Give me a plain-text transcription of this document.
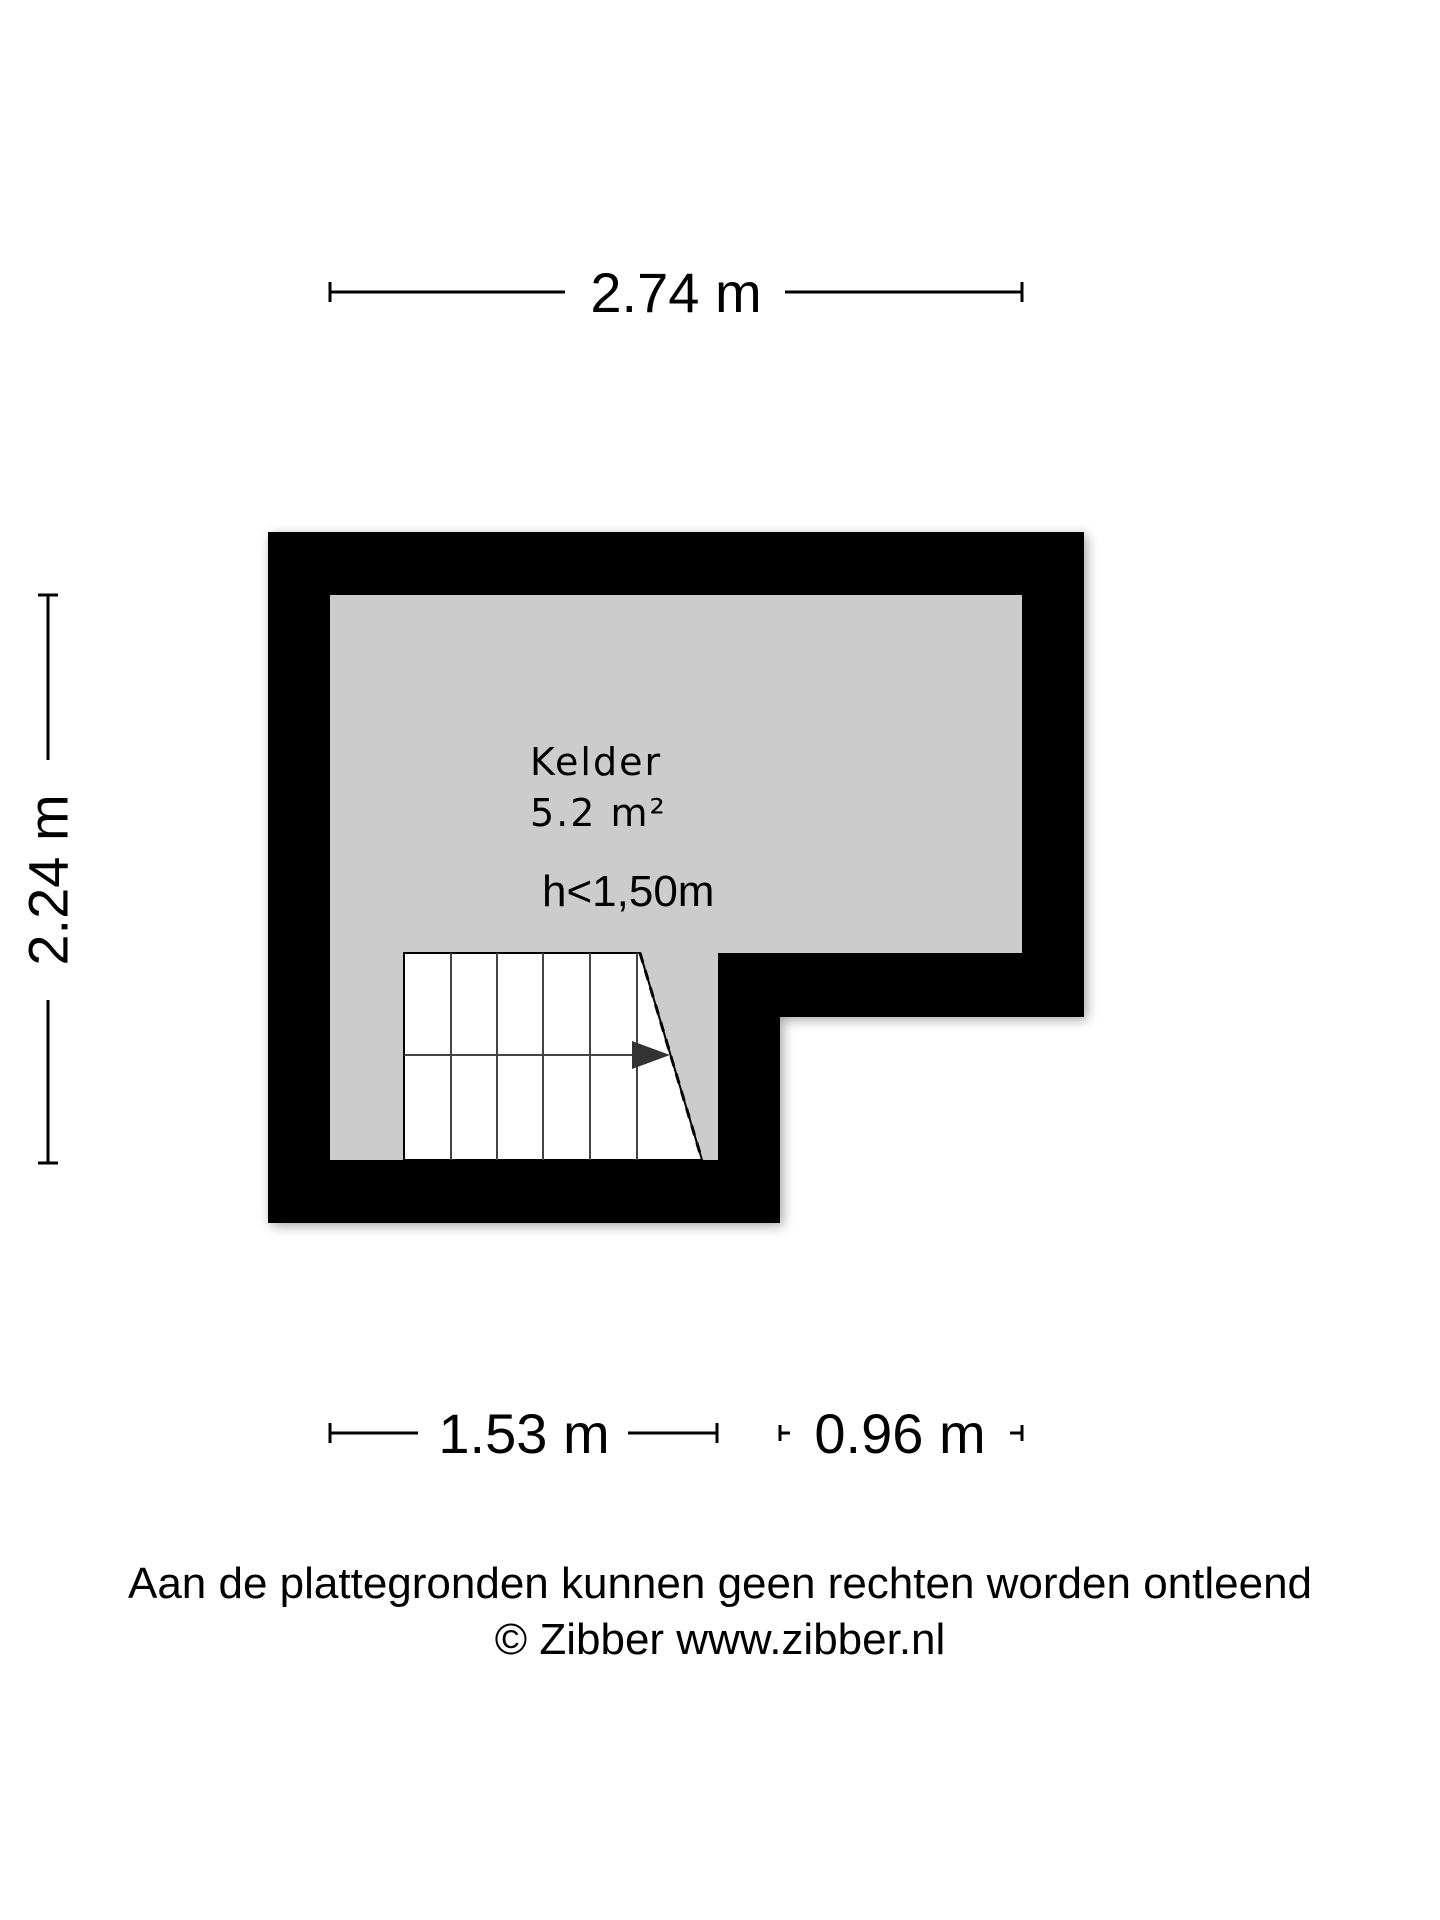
2.74 m
2.24 m
1.53 m	0.96 m
Kelder
5.2 m²
h<1,50m
Aan de plattegronden kunnen geen rechten worden ontleend
© Zibber www.zibber.nl
